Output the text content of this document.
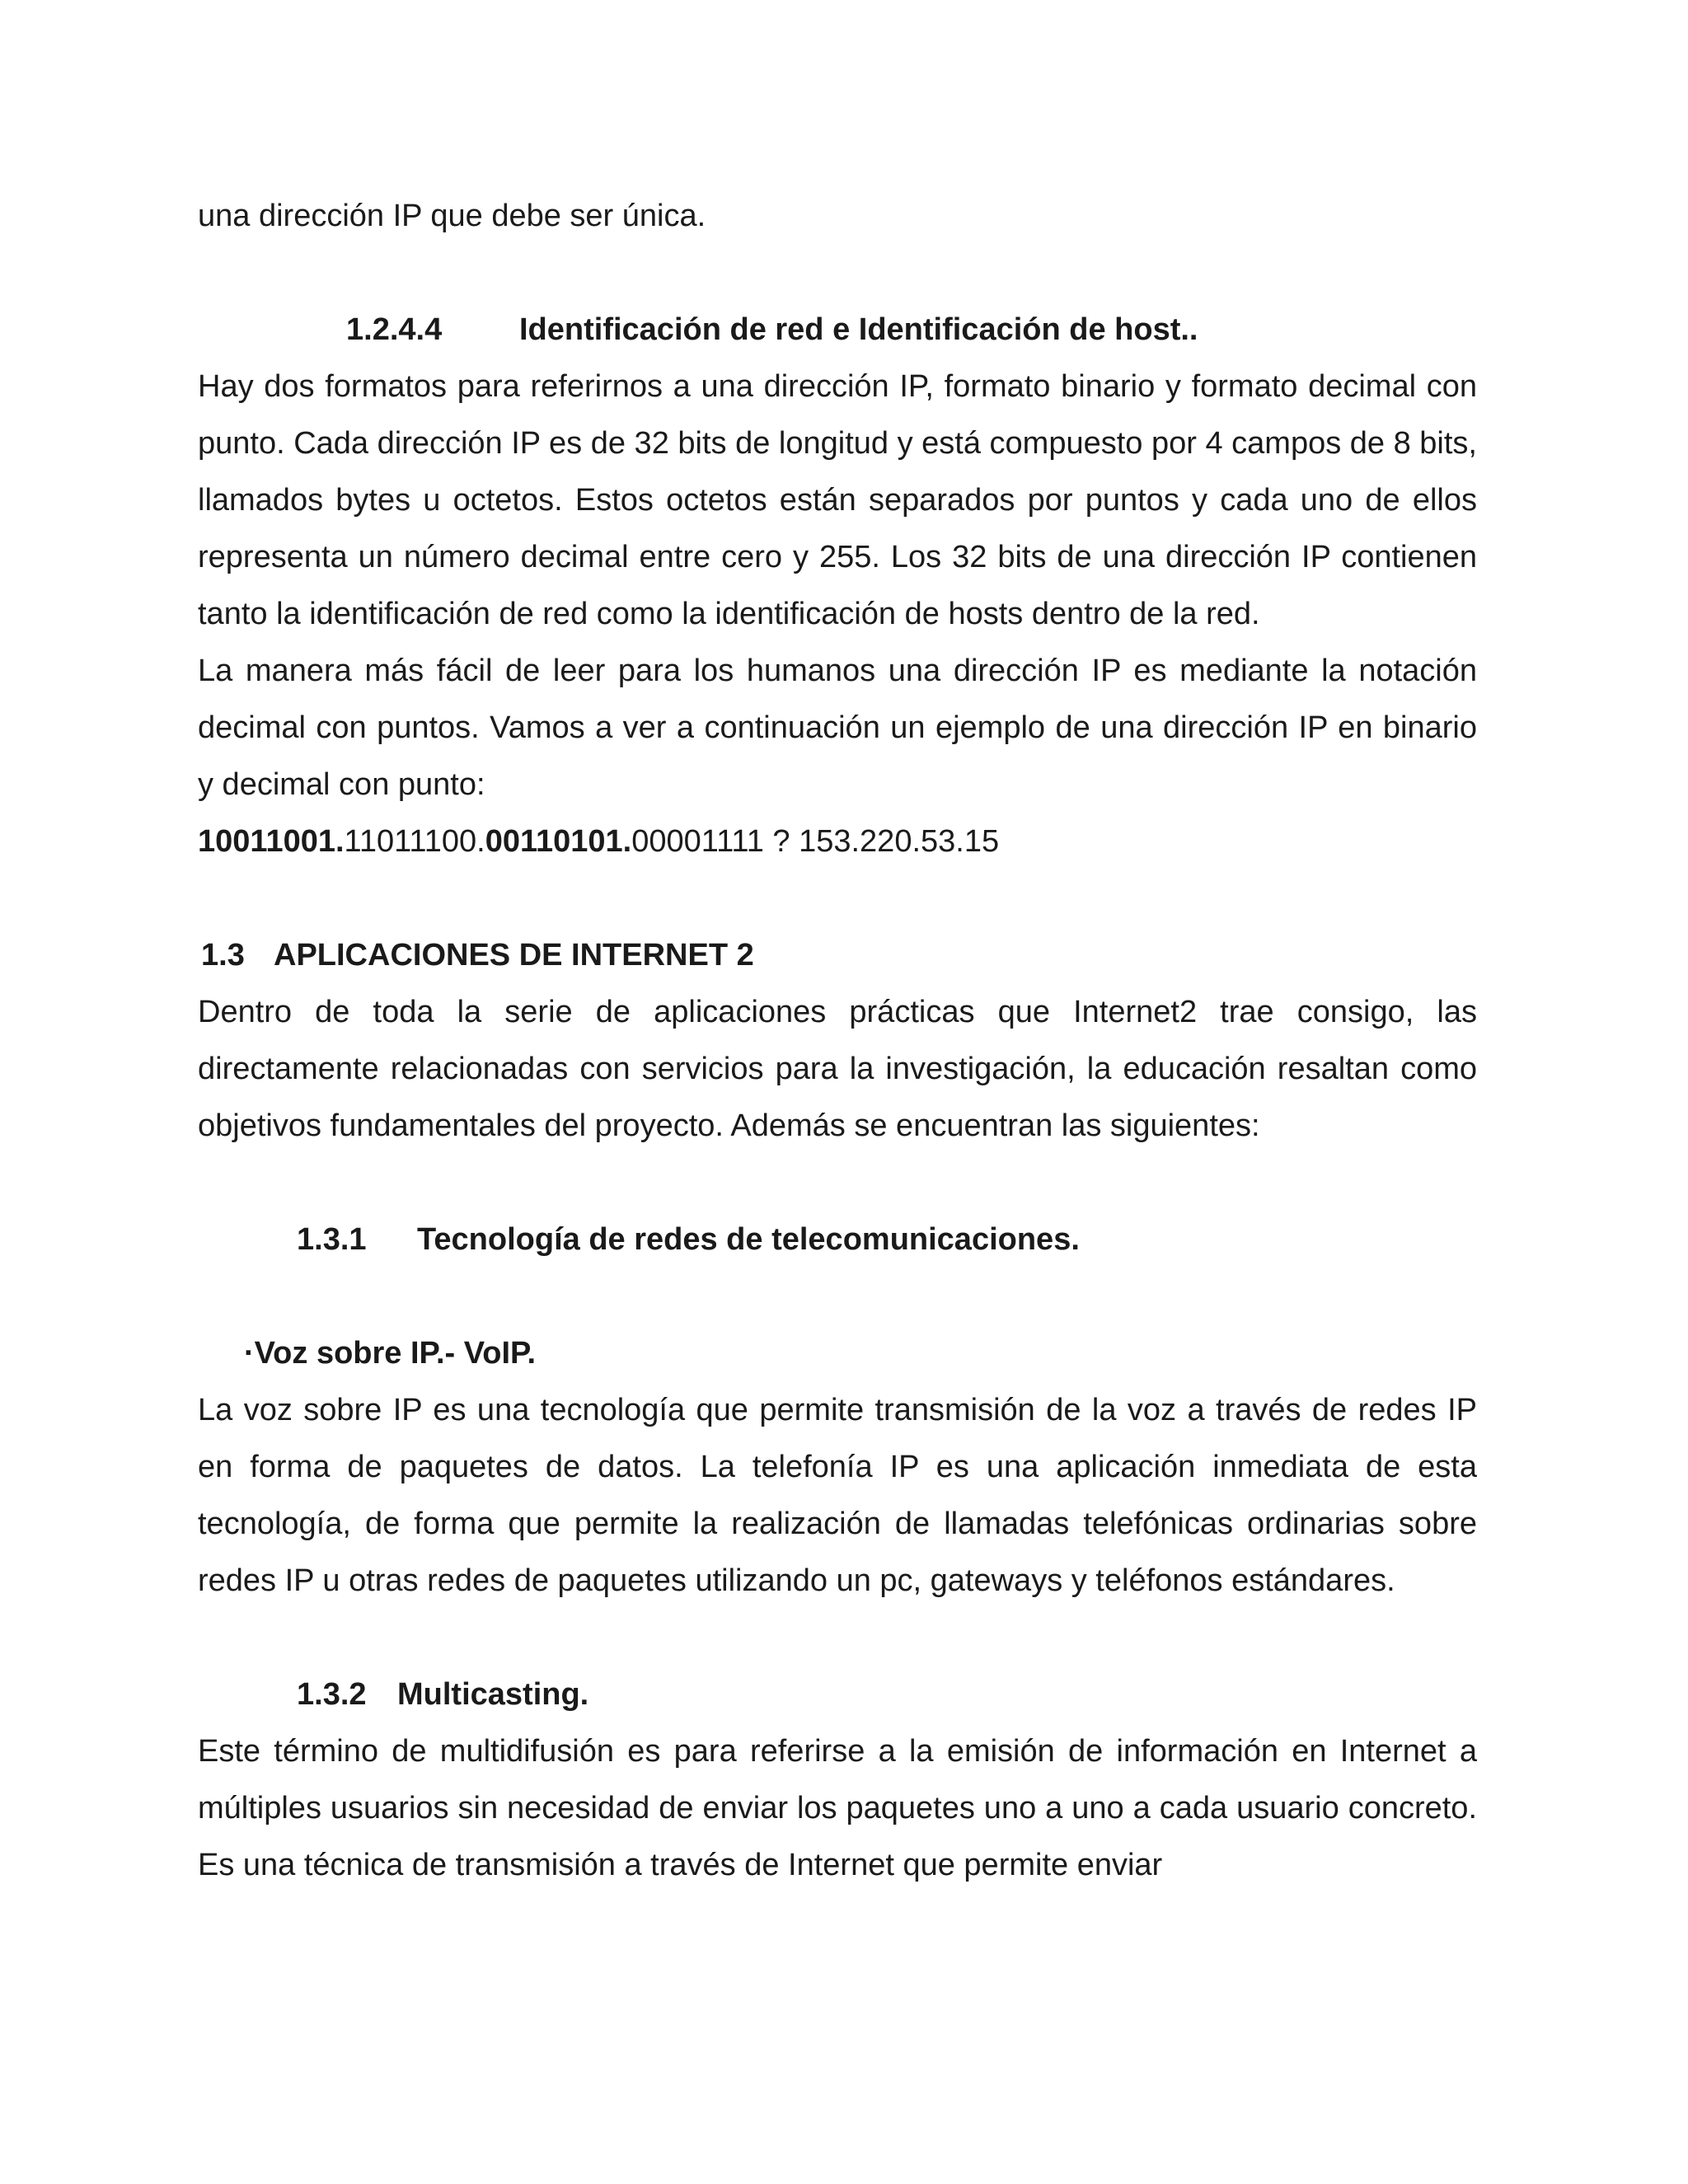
una dirección IP que debe ser única.

1.2.4.4 Identificación de red e Identificación de host..

Hay dos formatos para referirnos a una dirección IP, formato binario y formato decimal con punto. Cada dirección IP es de 32 bits de longitud y está compuesto por 4 campos de 8 bits, llamados bytes u octetos. Estos octetos están separados por puntos y cada uno de ellos representa un número decimal entre cero y 255. Los 32 bits de una dirección IP contienen tanto la identificación de red como la identificación de hosts dentro de la red.

La manera más fácil de leer para los humanos una dirección IP es mediante la notación decimal con puntos. Vamos a ver a continuación un ejemplo de una dirección IP en binario y decimal con punto:

10011001.11011100.00110101.00001111 ? 153.220.53.15
1.3 APLICACIONES DE INTERNET 2

Dentro de toda la serie de aplicaciones prácticas que Internet2 trae consigo, las directamente relacionadas con servicios para la investigación, la educación resaltan como objetivos fundamentales del proyecto. Además se encuentran las siguientes:

1.3.1 Tecnología de redes de telecomunicaciones.
·Voz sobre IP.- VoIP.

La voz sobre IP es una tecnología que permite transmisión de la voz a través de redes IP en forma de paquetes de datos. La telefonía IP es una aplicación inmediata de esta tecnología, de forma que permite la realización de llamadas telefónicas ordinarias sobre redes IP u otras redes de paquetes utilizando un pc, gateways y teléfonos estándares.

1.3.2 Multicasting.

Este término de multidifusión es para referirse a la emisión de información en Internet a múltiples usuarios sin necesidad de enviar los paquetes uno a uno a cada usuario concreto. Es una técnica de transmisión a través de Internet que permite enviar
